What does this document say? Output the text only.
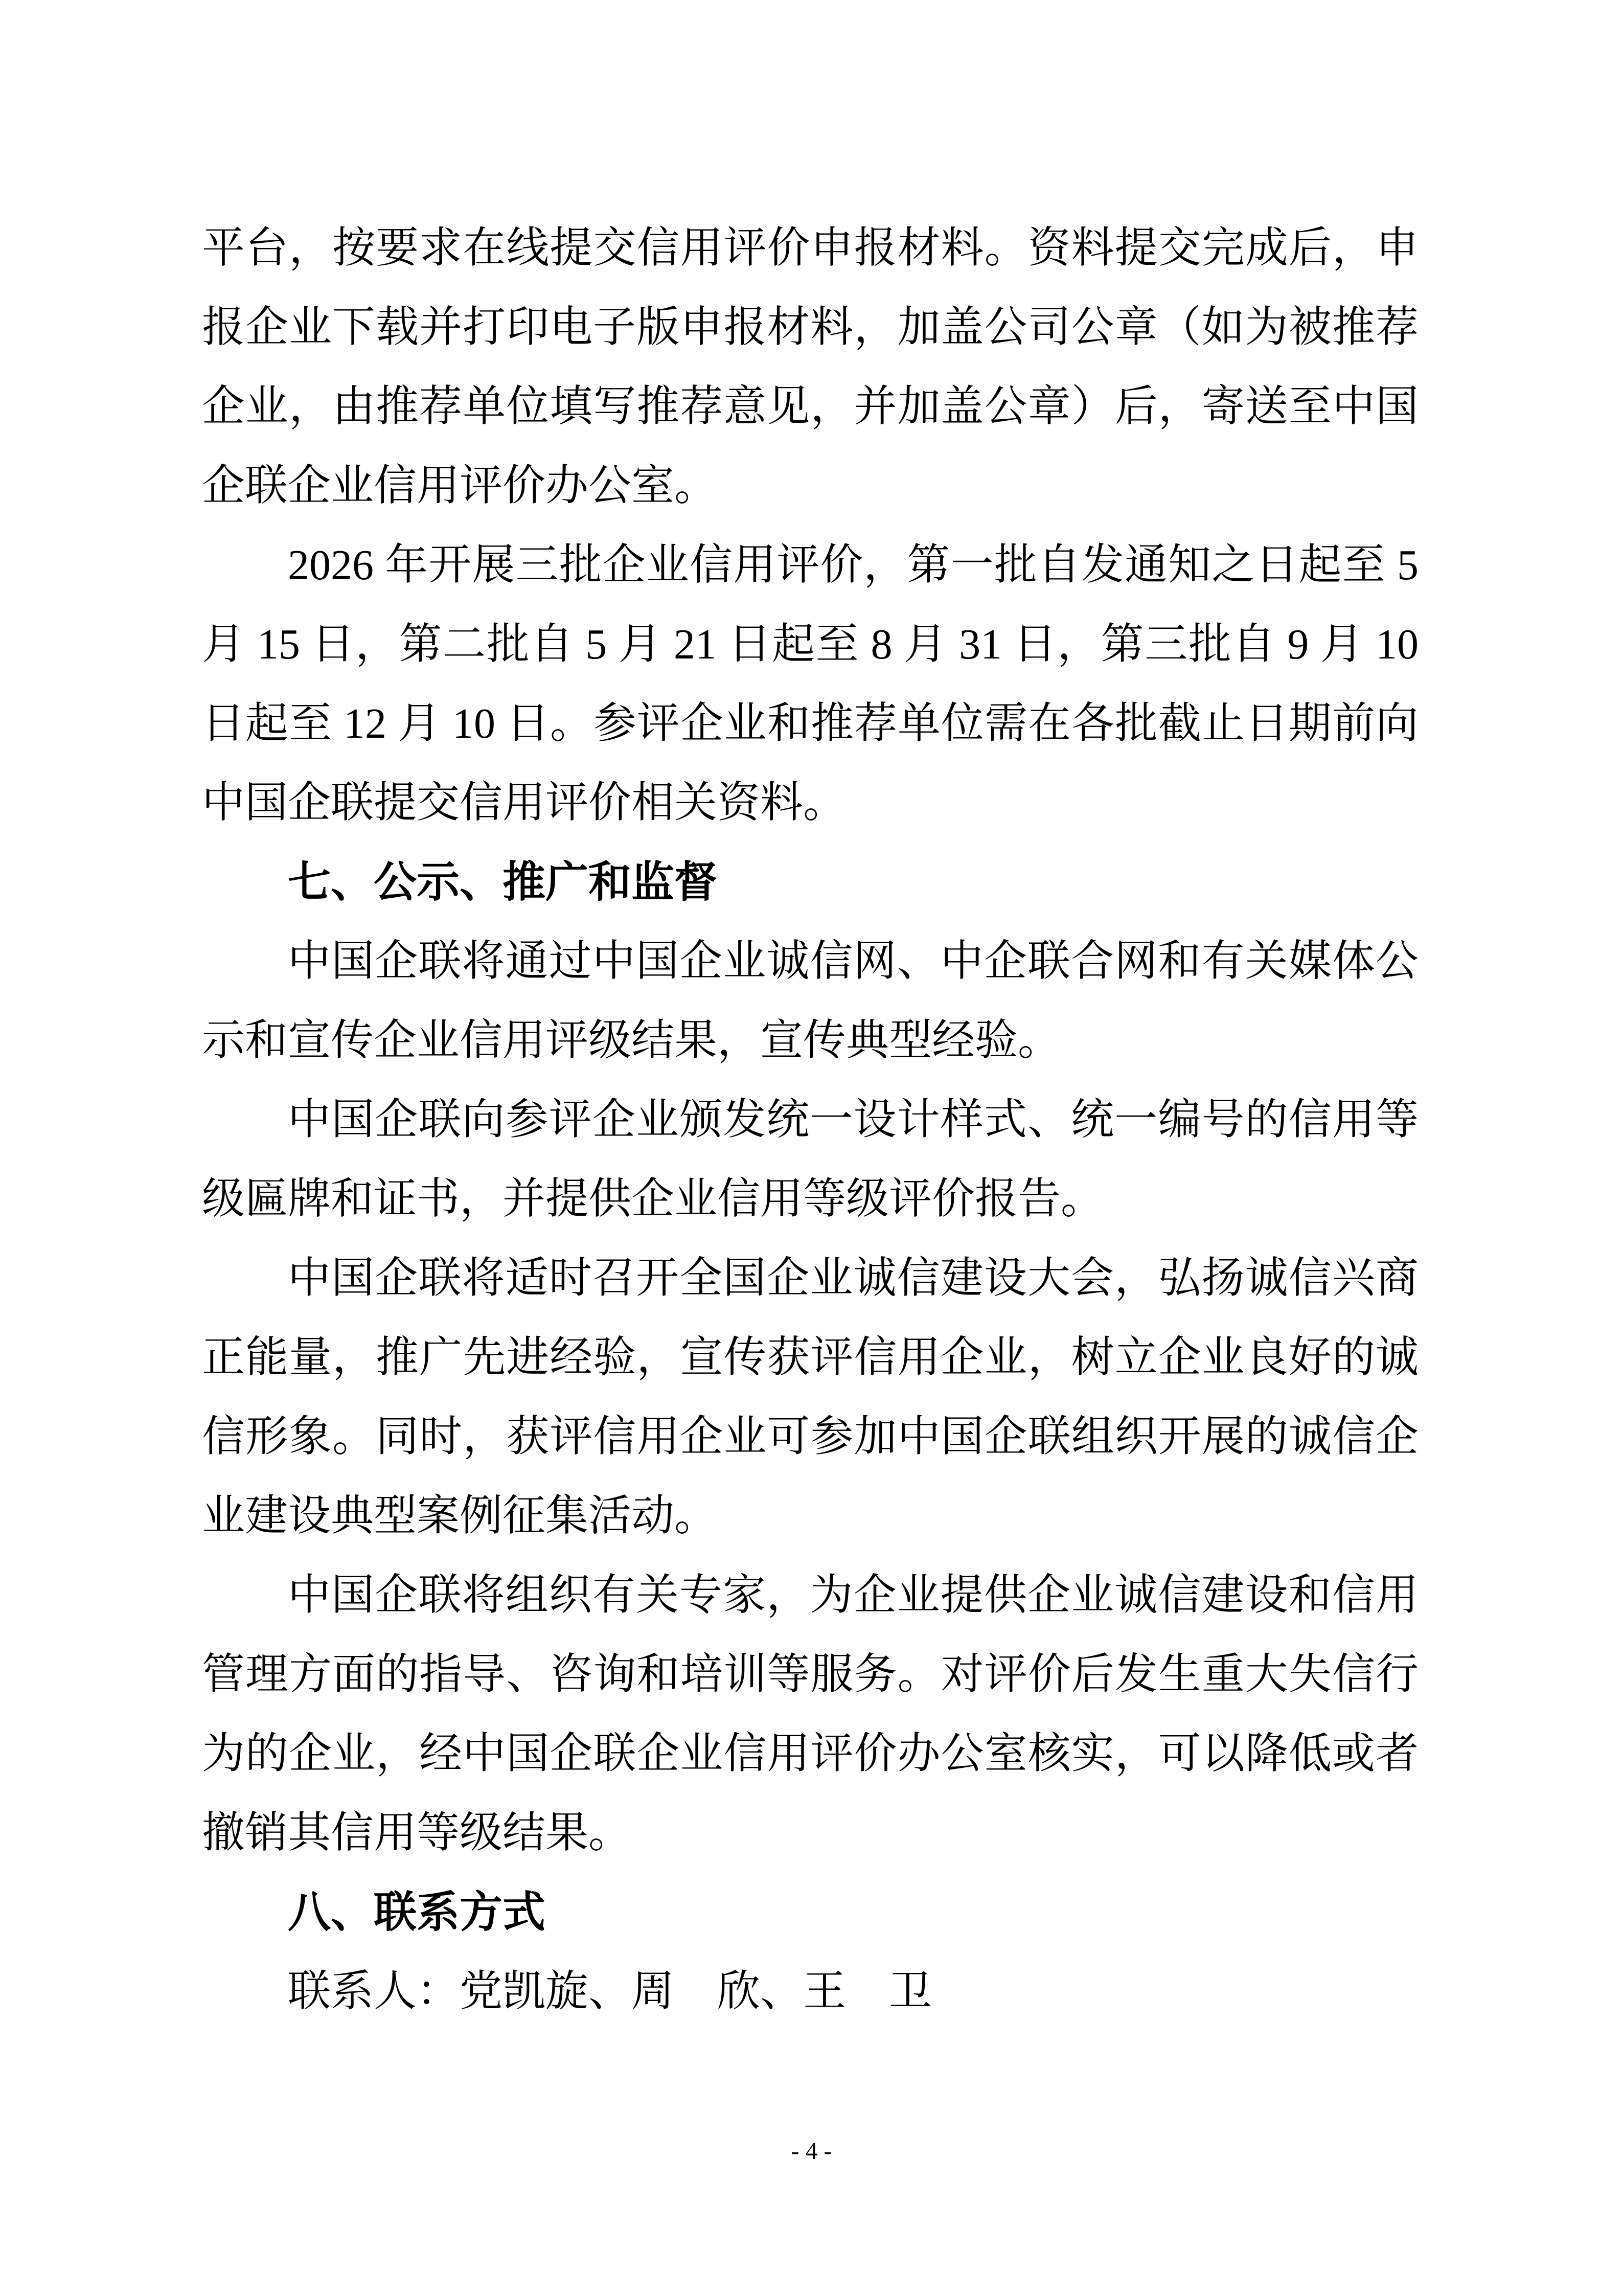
平台，按要求在线提交信用评价申报材料。资料提交完成后，申
报企业下载并打印电子版申报材料，加盖公司公章（如为被推荐
企业，由推荐单位填写推荐意见，并加盖公章）后，寄送至中国
企联企业信用评价办公室。
2026 年开展三批企业信用评价，第一批自发通知之日起至 5
月 15 日，第二批自 5 月 21 日起至 8 月 31 日，第三批自 9 月 10
日起至 12 月 10 日。参评企业和推荐单位需在各批截止日期前向
中国企联提交信用评价相关资料。
七、公示、推广和监督
中国企联将通过中国企业诚信网、中企联合网和有关媒体公
示和宣传企业信用评级结果，宣传典型经验。
中国企联向参评企业颁发统一设计样式、统一编号的信用等
级匾牌和证书，并提供企业信用等级评价报告。
中国企联将适时召开全国企业诚信建设大会，弘扬诚信兴商
正能量，推广先进经验，宣传获评信用企业，树立企业良好的诚
信形象。同时，获评信用企业可参加中国企联组织开展的诚信企
业建设典型案例征集活动。
中国企联将组织有关专家，为企业提供企业诚信建设和信用
管理方面的指导、咨询和培训等服务。对评价后发生重大失信行
为的企业，经中国企联企业信用评价办公室核实，可以降低或者
撤销其信用等级结果。
八、联系方式
联系人：党凯旋、周　欣、王　卫
- 4 -
